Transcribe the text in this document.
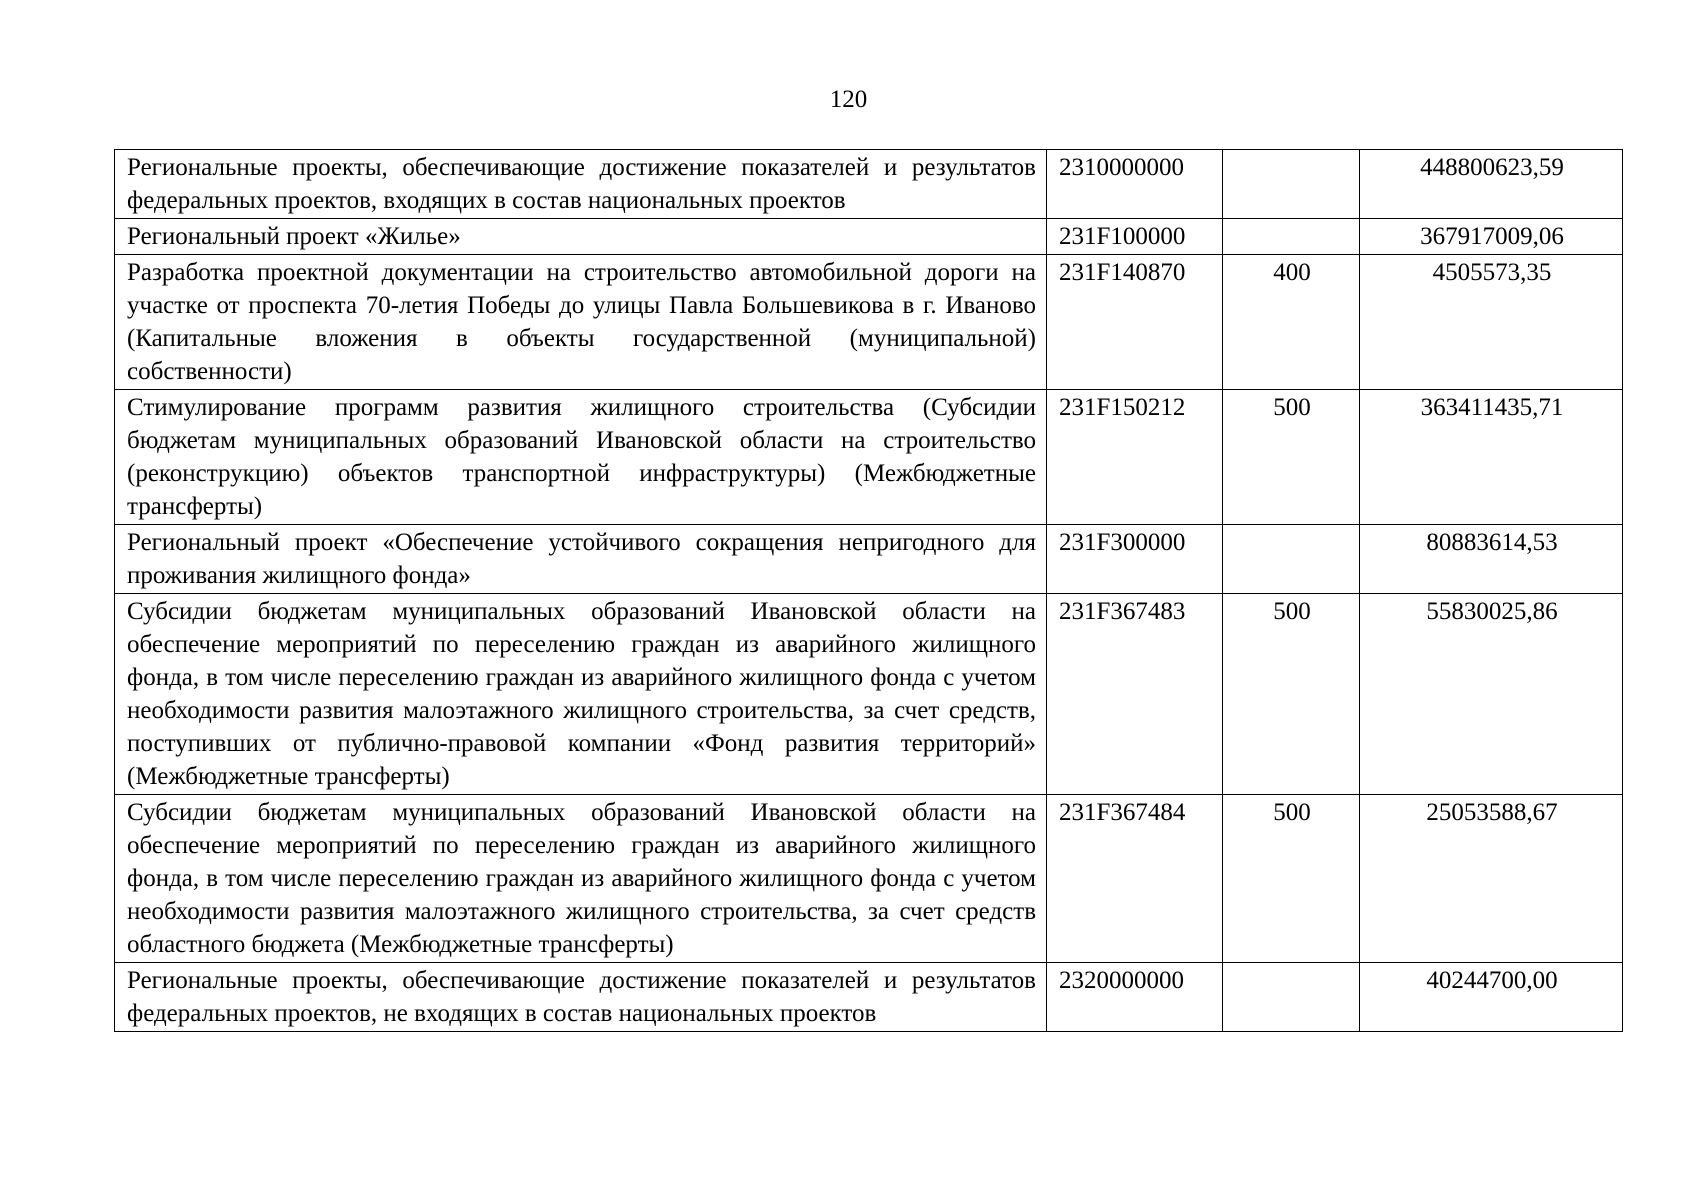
120
Региональные проекты, обеспечивающие достижение показателей и результатов федеральных проектов, входящих в состав национальных проектов	2310000000		448800623,59
Региональный проект «Жилье»	231F100000		367917009,06
Разработка проектной документации на строительство автомобильной дороги на участке от проспекта 70-летия Победы до улицы Павла Большевикова в г. Иваново (Капитальные вложения в объекты государственной (муниципальной) собственности)	231F140870	400	4505573,35
Стимулирование программ развития жилищного строительства (Субсидии бюджетам муниципальных образований Ивановской области на строительство (реконструкцию) объектов транспортной инфраструктуры) (Межбюджетные трансферты)	231F150212	500	363411435,71
Региональный проект «Обеспечение устойчивого сокращения непригодного для проживания жилищного фонда»	231F300000		80883614,53
Субсидии бюджетам муниципальных образований Ивановской области на обеспечение мероприятий по переселению граждан из аварийного жилищного фонда, в том числе переселению граждан из аварийного жилищного фонда с учетом необходимости развития малоэтажного жилищного строительства, за счет средств, поступивших от публично-правовой компании «Фонд развития территорий» (Межбюджетные трансферты)	231F367483	500	55830025,86
Субсидии бюджетам муниципальных образований Ивановской области на обеспечение мероприятий по переселению граждан из аварийного жилищного фонда, в том числе переселению граждан из аварийного жилищного фонда с учетом необходимости развития малоэтажного жилищного строительства, за счет средств областного бюджета (Межбюджетные трансферты)	231F367484	500	25053588,67
Региональные проекты, обеспечивающие достижение показателей и результатов федеральных проектов, не входящих в состав национальных проектов	2320000000		40244700,00
